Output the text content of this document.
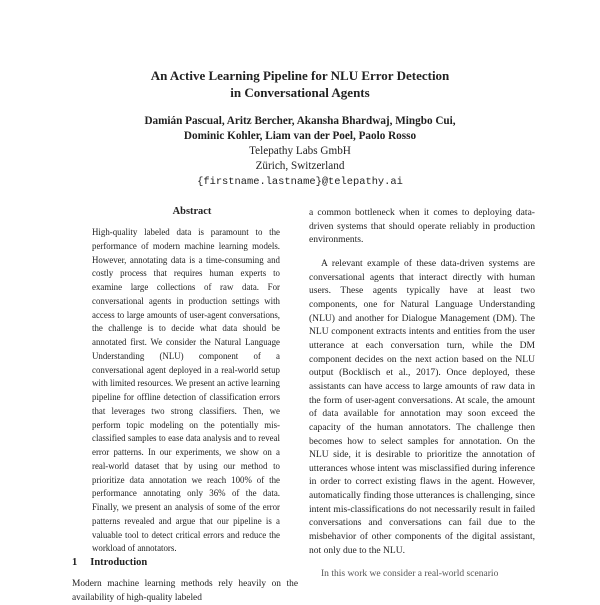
An Active Learning Pipeline for NLU Error Detection
in Conversational Agents
Damián Pascual, Aritz Bercher, Akansha Bhardwaj, Mingbo Cui,
Dominic Kohler, Liam van der Poel, Paolo Rosso
Telepathy Labs GmbH
Zürich, Switzerland
{firstname.lastname}@telepathy.ai
Abstract

High-quality labeled data is paramount to the performance of modern machine learning models. However, annotating data is a time-consuming and costly process that requires human experts to examine large collections of raw data. For conversational agents in production settings with access to large amounts of user-agent conversations, the challenge is to decide what data should be annotated first. We consider the Natural Language Understanding (NLU) component of a conversational agent deployed in a real-world setup with limited resources. We present an active learning pipeline for offline detection of classification errors that leverages two strong classifiers. Then, we perform topic modeling on the potentially mis-classified samples to ease data analysis and to reveal error patterns. In our experiments, we show on a real-world dataset that by using our method to prioritize data annotation we reach 100% of the performance annotating only 36% of the data. Finally, we present an analysis of some of the error patterns revealed and argue that our pipeline is a valuable tool to detect critical errors and reduce the workload of annotators.

1 Introduction

Modern machine learning methods rely heavily on the availability of high-quality labeled

a common bottleneck when it comes to deploying data-driven systems that should operate reliably in production environments.

A relevant example of these data-driven systems are conversational agents that interact directly with human users. These agents typically have at least two components, one for Natural Language Understanding (NLU) and another for Dialogue Management (DM). The NLU component extracts intents and entities from the user utterance at each conversation turn, while the DM component decides on the next action based on the NLU output (Bocklisch et al., 2017). Once deployed, these assistants can have access to large amounts of raw data in the form of user-agent conversations. At scale, the amount of data available for annotation may soon exceed the capacity of the human annotators. The challenge then becomes how to select samples for annotation. On the NLU side, it is desirable to prioritize the annotation of utterances whose intent was misclassified during inference in order to correct existing flaws in the agent. However, automatically finding those utterances is challenging, since intent mis-classifications do not necessarily result in failed conversations and conversations can fail due to the misbehavior of other components of the digital assistant, not only due to the NLU.

In this work we consider a real-world scenario
